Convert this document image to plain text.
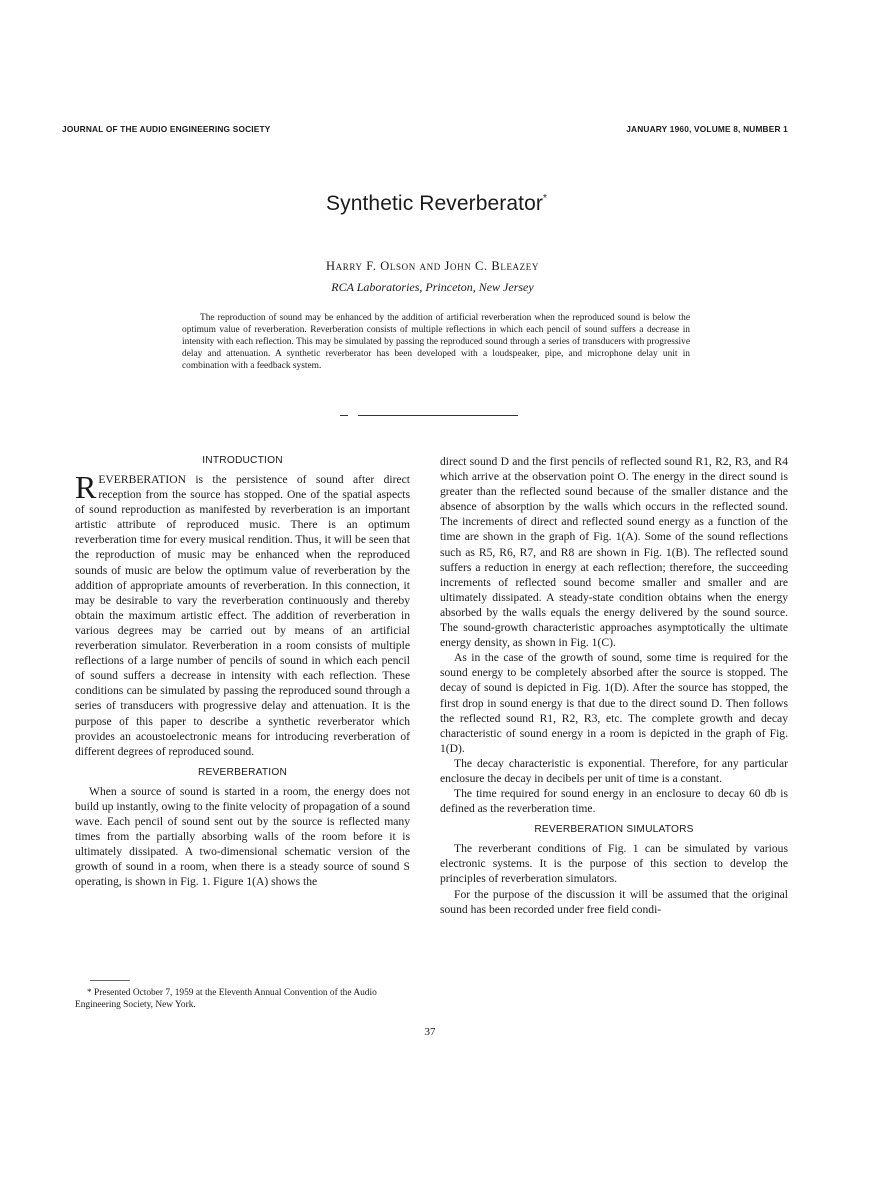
JOURNAL OF THE AUDIO ENGINEERING SOCIETY	JANUARY 1960, VOLUME 8, NUMBER 1
Synthetic Reverberator*
Harry F. Olson and John C. Bleazey
RCA Laboratories, Princeton, New Jersey

The reproduction of sound may be enhanced by the addition of artificial reverberation when the reproduced sound is below the optimum value of reverberation. Reverberation consists of multiple reflections in which each pencil of sound suffers a decrease in intensity with each reflection. This may be simulated by passing the reproduced sound through a series of transducers with progressive delay and attenuation. A synthetic reverberator has been developed with a loudspeaker, pipe, and microphone delay unit in combination with a feedback system.

INTRODUCTION

REVERBERATION is the persistence of sound after direct reception from the source has stopped. One of the spatial aspects of sound reproduction as manifested by reverberation is an important artistic attribute of reproduced music. There is an optimum reverberation time for every musical rendition. Thus, it will be seen that the reproduction of music may be enhanced when the reproduced sounds of music are below the optimum value of reverberation by the addition of appropriate amounts of reverberation. In this connection, it may be desirable to vary the reverberation continuously and thereby obtain the maximum artistic effect. The addition of reverberation in various degrees may be carried out by means of an artificial reverberation simulator. Reverberation in a room consists of multiple reflections of a large number of pencils of sound in which each pencil of sound suffers a decrease in intensity with each reflection. These conditions can be simulated by passing the reproduced sound through a series of transducers with progressive delay and attenuation. It is the purpose of this paper to describe a synthetic reverberator which provides an acoustoelectronic means for introducing reverberation of different degrees of reproduced sound.

REVERBERATION

When a source of sound is started in a room, the energy does not build up instantly, owing to the finite velocity of propagation of a sound wave. Each pencil of sound sent out by the source is reflected many times from the partially absorbing walls of the room before it is ultimately dissipated. A two-dimensional schematic version of the growth of sound in a room, when there is a steady source of sound S operating, is shown in Fig. 1. Figure 1(A) shows the

direct sound D and the first pencils of reflected sound R1, R2, R3, and R4 which arrive at the observation point O. The energy in the direct sound is greater than the reflected sound because of the smaller distance and the absence of absorption by the walls which occurs in the reflected sound. The increments of direct and reflected sound energy as a function of the time are shown in the graph of Fig. 1(A). Some of the sound reflections such as R5, R6, R7, and R8 are shown in Fig. 1(B). The reflected sound suffers a reduction in energy at each reflection; therefore, the succeeding increments of reflected sound become smaller and smaller and are ultimately dissipated. A steady-state condition obtains when the energy absorbed by the walls equals the energy delivered by the sound source. The sound-growth characteristic approaches asymptotically the ultimate energy density, as shown in Fig. 1(C).

As in the case of the growth of sound, some time is required for the sound energy to be completely absorbed after the source is stopped. The decay of sound is depicted in Fig. 1(D). After the source has stopped, the first drop in sound energy is that due to the direct sound D. Then follows the reflected sound R1, R2, R3, etc. The complete growth and decay characteristic of sound energy in a room is depicted in the graph of Fig. 1(D).

The decay characteristic is exponential. Therefore, for any particular enclosure the decay in decibels per unit of time is a constant.

The time required for sound energy in an enclosure to decay 60 db is defined as the reverberation time.

REVERBERATION SIMULATORS

The reverberant conditions of Fig. 1 can be simulated by various electronic systems. It is the purpose of this section to develop the principles of reverberation simulators.

For the purpose of the discussion it will be assumed that the original sound has been recorded under free field condi-

* Presented October 7, 1959 at the Eleventh Annual Convention of the Audio Engineering Society, New York.

37
